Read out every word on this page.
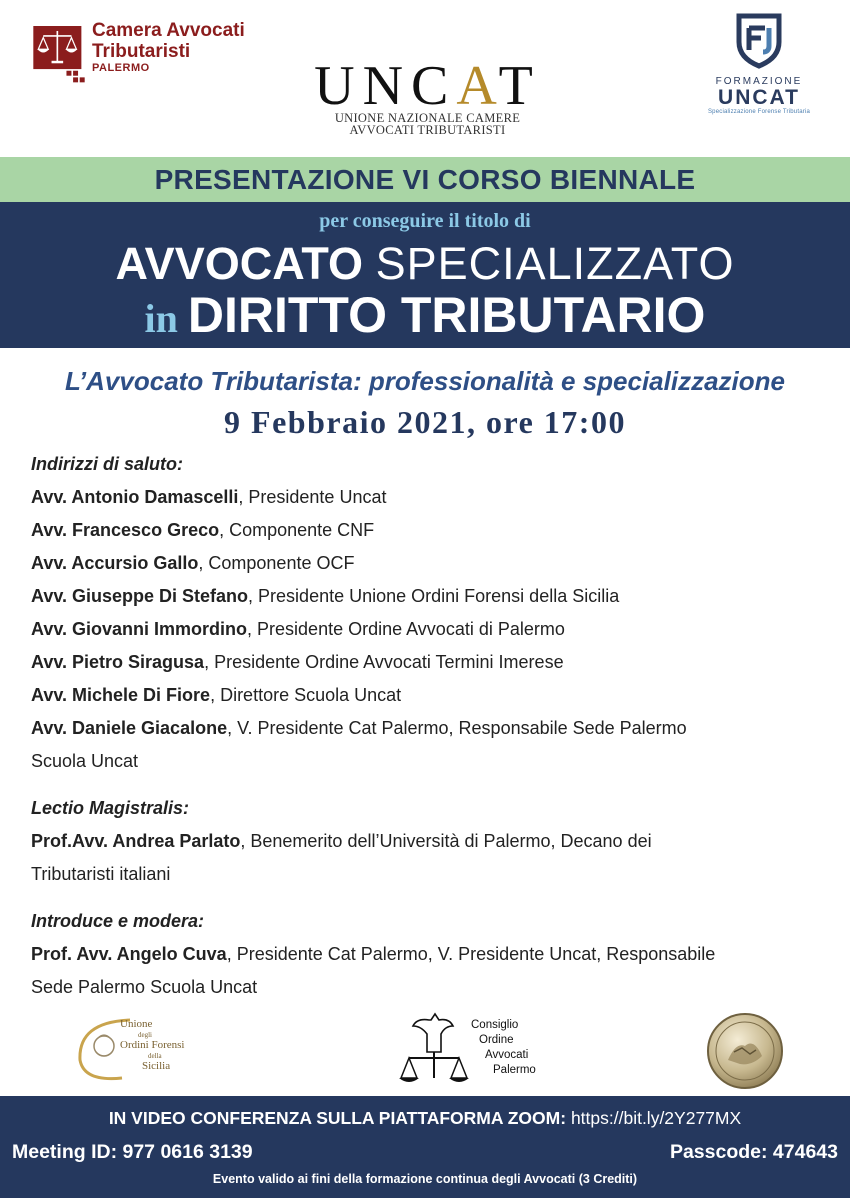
Camera Avvocati
Tributaristi
PALERMO	UNCAT
UNIONE NAZIONALE CAMERE
AVVOCATI TRIBUTARISTI
FORMAZIONE
UNCAT
Specializzazione Forense Tributaria
PRESENTAZIONE VI CORSO BIENNALE
per conseguire il titolo di
AVVOCATO SPECIALIZZATO
in DIRITTO TRIBUTARIO
L’Avvocato Tributarista: professionalità e specializzazione
9 Febbraio 2021, ore 17:00
Indirizzi di saluto:
Avv. Antonio Damascelli, Presidente Uncat
Avv. Francesco Greco, Componente CNF
Avv. Accursio Gallo, Componente OCF
Avv. Giuseppe Di Stefano, Presidente Unione Ordini Forensi della Sicilia
Avv. Giovanni Immordino, Presidente Ordine Avvocati di Palermo
Avv. Pietro Siragusa, Presidente Ordine Avvocati Termini Imerese
Avv. Michele Di Fiore, Direttore Scuola Uncat
Avv. Daniele Giacalone, V. Presidente Cat Palermo, Responsabile Sede Palermo
Scuola Uncat
Lectio Magistralis:
Prof.Avv. Andrea Parlato, Benemerito dell’Università di Palermo, Decano dei
Tributaristi italiani
Introduce e modera:
Prof. Avv. Angelo Cuva, Presidente Cat Palermo, V. Presidente Uncat, Responsabile
Sede Palermo Scuola Uncat
Unione
degli
Ordini Forensi
della
Sicilia
Consiglio
Ordine
Avvocati
Palermo
IN VIDEO CONFERENZA SULLA PIATTAFORMA ZOOM: https://bit.ly/2Y277MX
Meeting ID: 977 0616 3139	Passcode: 474643
Evento valido ai fini della formazione continua degli Avvocati (3 Crediti)
